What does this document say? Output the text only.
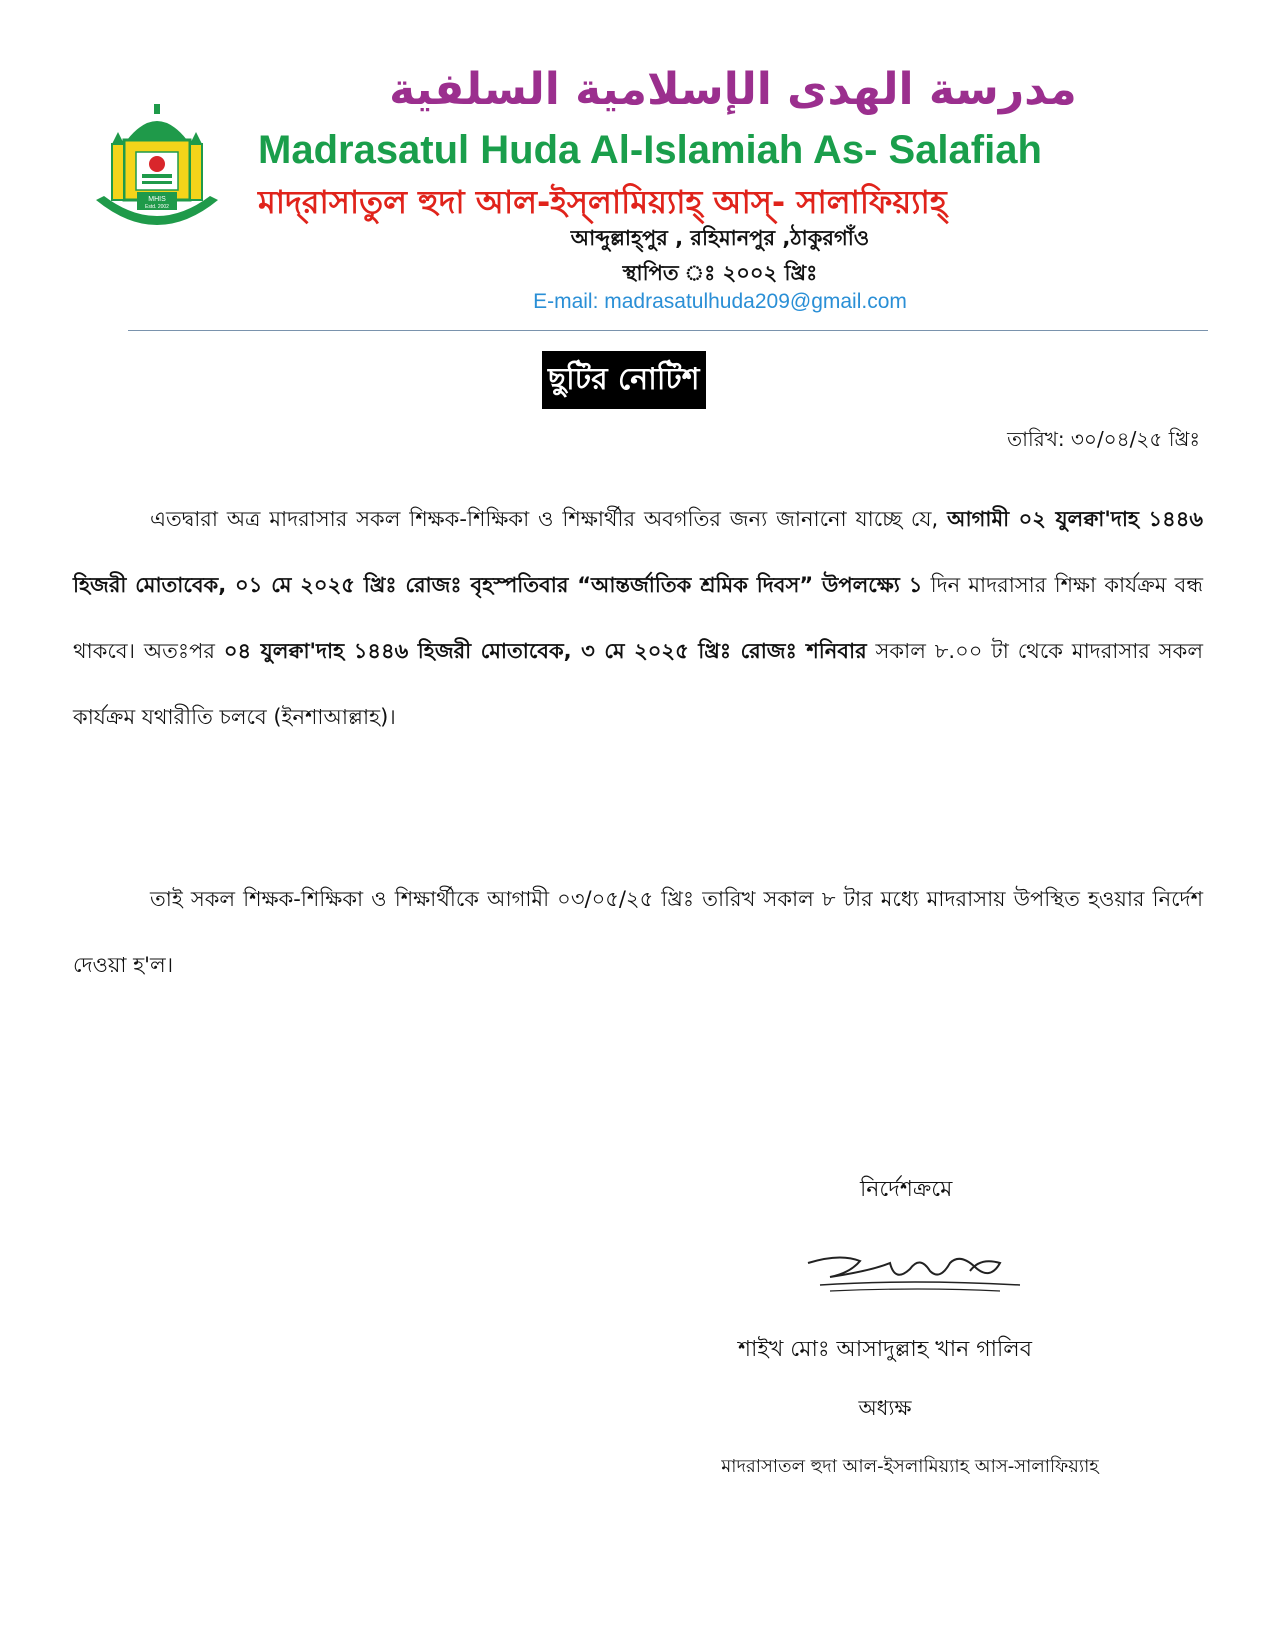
MHIS
Estd. 2002
مدرسة الهدى الإسلامية السلفية
Madrasatul Huda Al-Islamiah As- Salafiah
মাদ্‌রাসাতুল হুদা আল-ইস্‌লামিয়্যাহ্‌ আস্‌- সালাফিয়্যাহ্‌
আব্দুল্লাহ্‌পুর , রহিমানপুর ,ঠাকুরগাঁও
স্থাপিত ঃ ২০০২ খ্রিঃ
E-mail: madrasatulhuda209@gmail.com
ছুটির নোটিশ
তারিখ: ৩০/০৪/২৫ খ্রিঃ

এতদ্বারা অত্র মাদরাসার সকল শিক্ষক-শিক্ষিকা ও শিক্ষার্থীর অবগতির জন্য জানানো যাচ্ছে যে, আগামী ০২ যুলক্বা'দাহ ১৪৪৬ হিজরী মোতাবেক, ০১ মে ২০২৫ খ্রিঃ রোজঃ বৃহস্পতিবার “আন্তর্জাতিক শ্রমিক দিবস” উপলক্ষ্যে ১ দিন মাদরাসার শিক্ষা কার্যক্রম বন্ধ থাকবে। অতঃপর ০৪ যুলক্বা'দাহ ১৪৪৬ হিজরী মোতাবেক, ৩ মে ২০২৫ খ্রিঃ রোজঃ শনিবার সকাল ৮.০০ টা থেকে মাদরাসার সকল কার্যক্রম যথারীতি চলবে (ইনশাআল্লাহ)।

তাই সকল শিক্ষক-শিক্ষিকা ও শিক্ষার্থীকে আগামী ০৩/০৫/২৫ খ্রিঃ তারিখ সকাল ৮ টার মধ্যে মাদরাসায় উপস্থিত হওয়ার নির্দেশ দেওয়া হ'ল।

নির্দেশক্রমে
শাইখ মোঃ আসাদুল্লাহ খান গালিব
অধ্যক্ষ
মাদরাসাতল হুদা আল-ইসলামিয়্যাহ আস-সালাফিয়্যাহ
